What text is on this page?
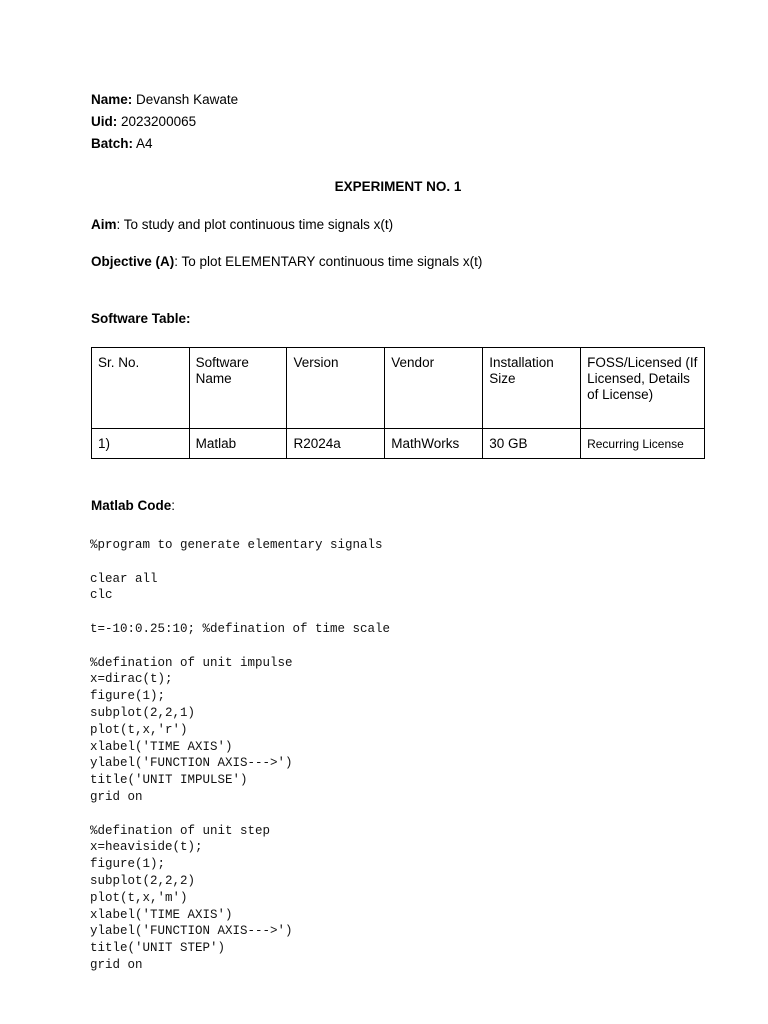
Name: Devansh Kawate
Uid: 2023200065
Batch: A4
EXPERIMENT NO. 1
Aim: To study and plot continuous time signals x(t)
Objective (A): To plot ELEMENTARY continuous time signals x(t)
Software Table:
Sr. No.	Software Name	Version	Vendor	Installation Size	FOSS/Licensed (If Licensed, Details of License)
1)	Matlab	R2024a	MathWorks	30 GB	Recurring License
Matlab Code:
%program to generate elementary signals
clear all
clc
t=-10:0.25:10; %defination of time scale
%defination of unit impulse
x=dirac(t);
figure(1);
subplot(2,2,1)
plot(t,x,'r')
xlabel('TIME AXIS')
ylabel('FUNCTION AXIS--->')
title('UNIT IMPULSE')
grid on
%defination of unit step
x=heaviside(t);
figure(1);
subplot(2,2,2)
plot(t,x,'m')
xlabel('TIME AXIS')
ylabel('FUNCTION AXIS--->')
title('UNIT STEP')
grid on
